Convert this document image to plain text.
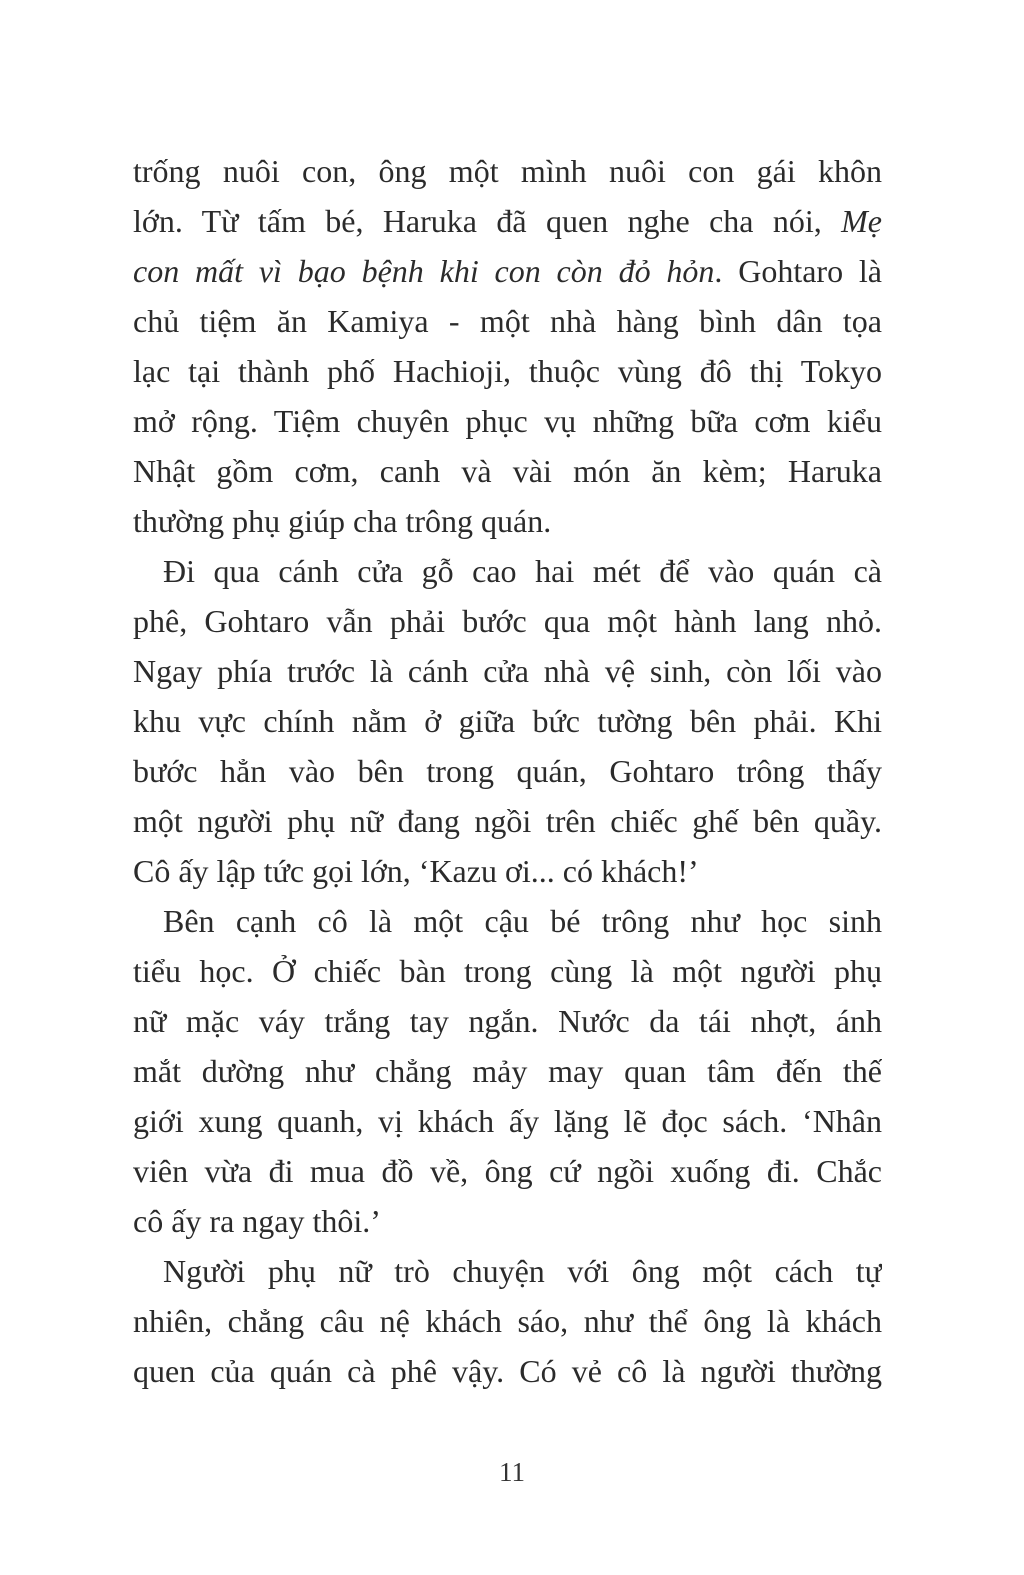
trống nuôi con, ông một mình nuôi con gái khôn
lớn. Từ tấm bé, Haruka đã quen nghe cha nói, Mẹ
con mất vì bạo bệnh khi con còn đỏ hỏn. Gohtaro là
chủ tiệm ăn Kamiya - một nhà hàng bình dân tọa
lạc tại thành phố Hachioji, thuộc vùng đô thị Tokyo
mở rộng. Tiệm chuyên phục vụ những bữa cơm kiểu
Nhật gồm cơm, canh và vài món ăn kèm; Haruka
thường phụ giúp cha trông quán.
Đi qua cánh cửa gỗ cao hai mét để vào quán cà
phê, Gohtaro vẫn phải bước qua một hành lang nhỏ.
Ngay phía trước là cánh cửa nhà vệ sinh, còn lối vào
khu vực chính nằm ở giữa bức tường bên phải. Khi
bước hẳn vào bên trong quán, Gohtaro trông thấy
một người phụ nữ đang ngồi trên chiếc ghế bên quầy.
Cô ấy lập tức gọi lớn, ‘Kazu ơi... có khách!’
Bên cạnh cô là một cậu bé trông như học sinh
tiểu học. Ở chiếc bàn trong cùng là một người phụ
nữ mặc váy trắng tay ngắn. Nước da tái nhợt, ánh
mắt dường như chẳng mảy may quan tâm đến thế
giới xung quanh, vị khách ấy lặng lẽ đọc sách. ‘Nhân
viên vừa đi mua đồ về, ông cứ ngồi xuống đi. Chắc
cô ấy ra ngay thôi.’
Người phụ nữ trò chuyện với ông một cách tự
nhiên, chẳng câu nệ khách sáo, như thể ông là khách
quen của quán cà phê vậy. Có vẻ cô là người thường
11
